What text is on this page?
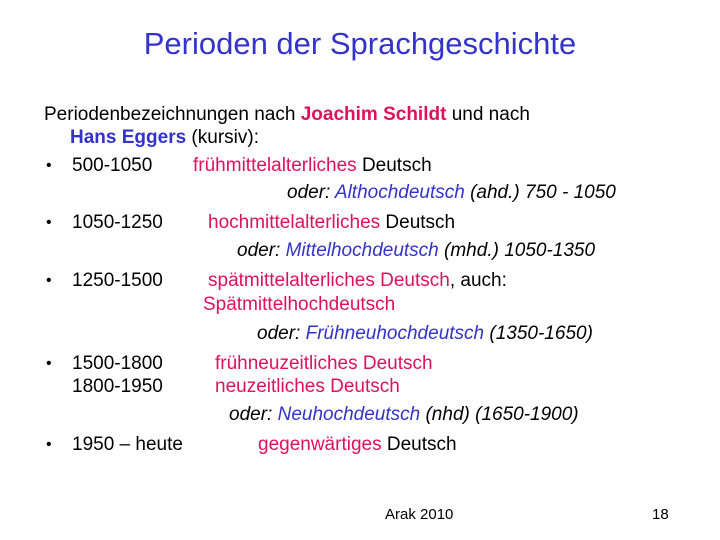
Perioden der Sprachgeschichte
Periodenbezeichnungen nach Joachim Schildt und nach
Hans Eggers (kursiv):
• 500-1050 frühmittelalterliches Deutsch
oder: Althochdeutsch (ahd.) 750 - 1050
• 1050-1250 hochmittelalterliches Deutsch
oder: Mittelhochdeutsch (mhd.) 1050-1350
• 1250-1500 spätmittelalterliches Deutsch, auch:
Spätmittelhochdeutsch
oder: Frühneuhochdeutsch (1350-1650)
• 1500-1800	frühneuzeitliches Deutsch
1800-1950	neuzeitliches Deutsch
oder: Neuhochdeutsch (nhd) (1650-1900)
• 1950 – heute	gegenwärtiges Deutsch
Arak 2010	18
